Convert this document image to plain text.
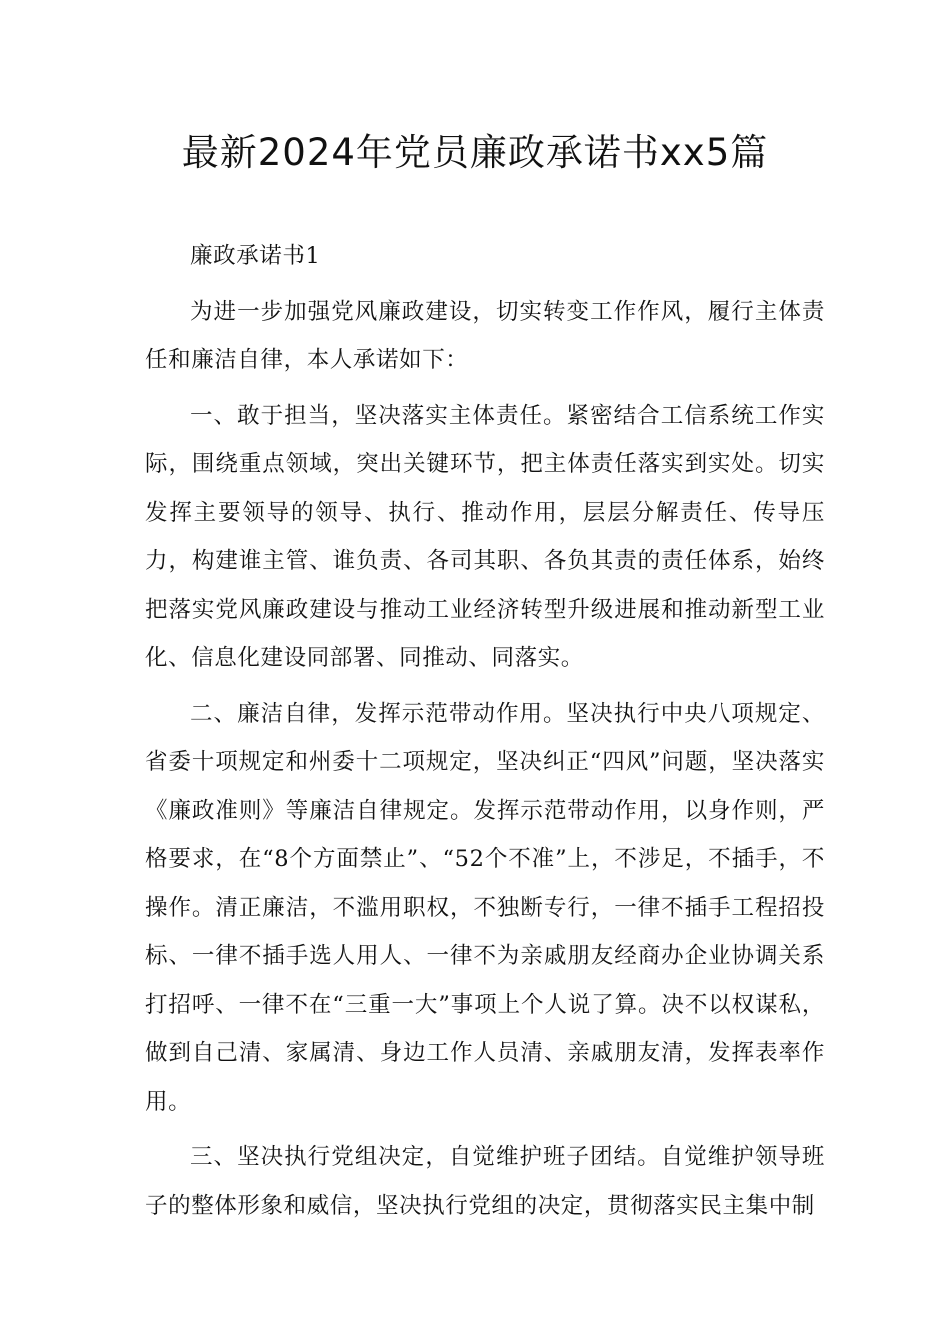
最新2024年党员廉政承诺书xx5篇

廉政承诺书1

为进一步加强党风廉政建设，切实转变工作作风，履行主体责任和廉洁自律，本人承诺如下：

一、敢于担当，坚决落实主体责任。紧密结合工信系统工作实际，围绕重点领域，突出关键环节，把主体责任落实到实处。切实发挥主要领导的领导、执行、推动作用，层层分解责任、传导压力，构建谁主管、谁负责、各司其职、各负其责的责任体系，始终把落实党风廉政建设与推动工业经济转型升级进展和推动新型工业化、信息化建设同部署、同推动、同落实。

二、廉洁自律，发挥示范带动作用。坚决执行中央八项规定、省委十项规定和州委十二项规定，坚决纠正“四风”问题，坚决落实《廉政准则》等廉洁自律规定。发挥示范带动作用，以身作则，严格要求，在“8个方面禁止”、“52个不准”上，不涉足，不插手，不操作。清正廉洁，不滥用职权，不独断专行，一律不插手工程招投标、一律不插手选人用人、一律不为亲戚朋友经商办企业协调关系打招呼、一律不在“三重一大”事项上个人说了算。决不以权谋私，做到自己清、家属清、身边工作人员清、亲戚朋友清，发挥表率作用。

三、坚决执行党组决定，自觉维护班子团结。自觉维护领导班子的整体形象和威信，坚决执行党组的决定，贯彻落实民主集中制
